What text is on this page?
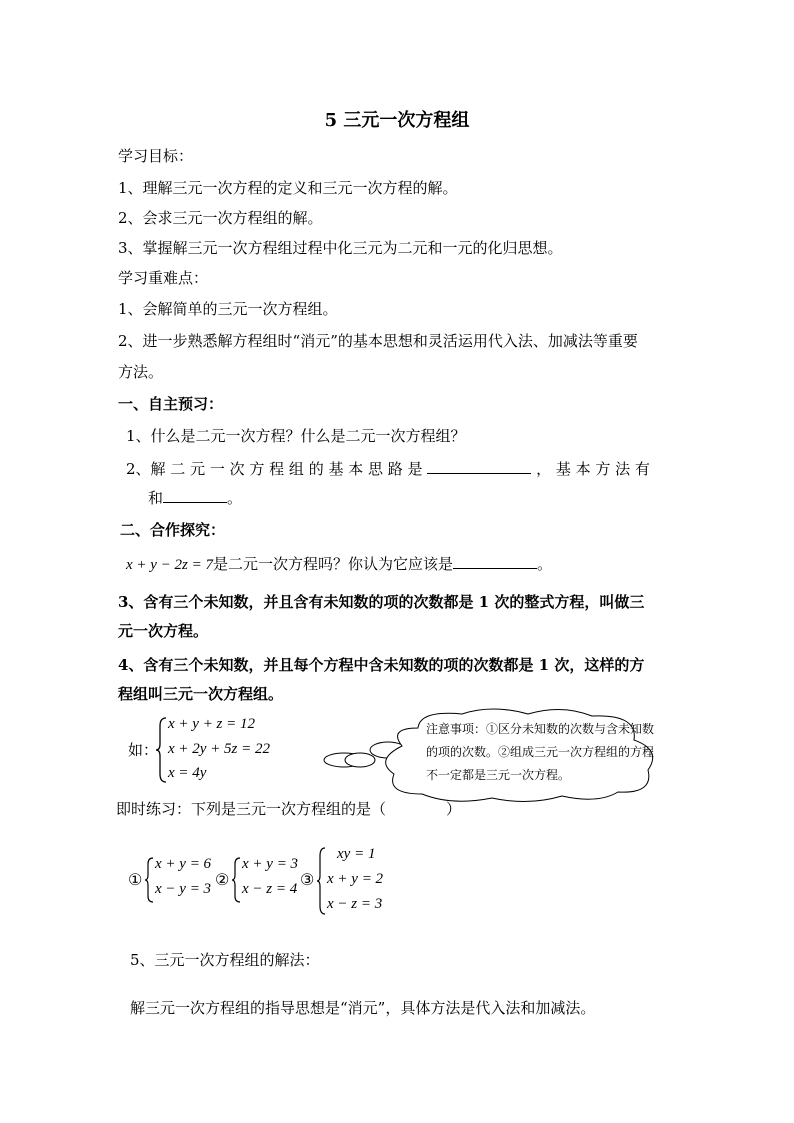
5 三元一次方程组
学习目标：
1、理解三元一次方程的定义和三元一次方程的解。
2、会求三元一次方程组的解。
3、掌握解三元一次方程组过程中化三元为二元和一元的化归思想。
学习重难点：
1、会解简单的三元一次方程组。
2、进一步熟悉解方程组时“消元”的基本思想和灵活运用代入法、加减法等重要
方法。
一、自主预习：
1、什么是二元一次方程？什么是二元一次方程组？
2、解 二 元 一 次 方 程 组 的 基 本 思 路 是	， 基 本 方 法 有
和	。
二、合作探究：
x + y − 2z = 7是二元一次方程吗？你认为它应该是	。
3、含有三个未知数，并且含有未知数的项的次数都是 1 次的整式方程，叫做三
元一次方程。
4、含有三个未知数，并且每个方程中含未知数的项的次数都是 1 次，这样的方
程组叫三元一次方程组。
如：
x + y + z = 12
x + 2y + 5z = 22
x = 4y
注意事项：①区分未知数的次数与含未知数的项的次数。②组成三元一次方程组的方程不一定都是三元一次方程。
即时练习：下列是三元一次方程组的是（	）
①
x + y = 6
x − y = 3 ②
x + y = 3
x − z = 4 ③
xy = 1
x + y = 2
x − z = 3
5、三元一次方程组的解法：
解三元一次方程组的指导思想是“消元”，具体方法是代入法和加减法。
